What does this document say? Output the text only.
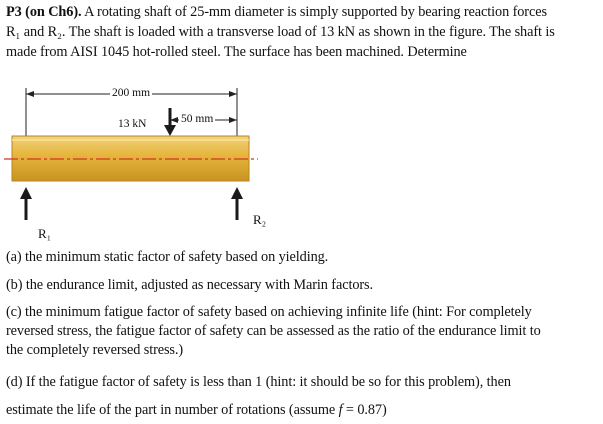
P3 (on Ch6). A rotating shaft of 25-mm diameter is simply supported by bearing reaction forces
R₁ and R₂. The shaft is loaded with a transverse load of 13 kN as shown in the figure. The shaft is
made from AISI 1045 hot-rolled steel. The surface has been machined. Determine
200 mm
50 mm
13 kN
R₁
R₂
(a) the minimum static factor of safety based on yielding.
(b) the endurance limit, adjusted as necessary with Marin factors.
(c) the minimum fatigue factor of safety based on achieving infinite life (hint: For completely
reversed stress, the fatigue factor of safety can be assessed as the ratio of the endurance limit to
the completely reversed stress.)
(d) If the fatigue factor of safety is less than 1 (hint: it should be so for this problem), then
estimate the life of the part in number of rotations (assume f = 0.87)
